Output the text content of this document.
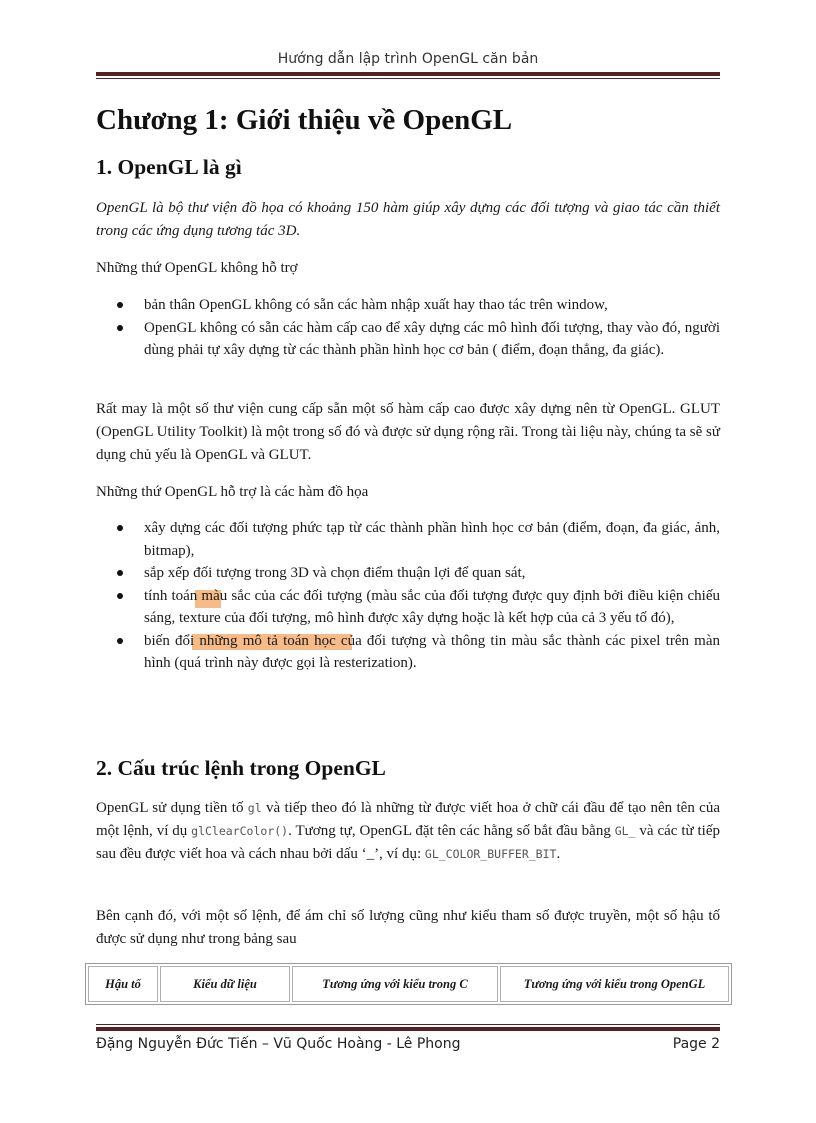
Hướng dẫn lập trình OpenGL căn bản
Chương 1: Giới thiệu về OpenGL
1. OpenGL là gì

OpenGL là bộ thư viện đồ họa có khoảng 150 hàm giúp xây dựng các đối tượng và giao tác cần thiết trong các ứng dụng tương tác 3D.

Những thứ OpenGL không hỗ trợ

bản thân OpenGL không có sẵn các hàm nhập xuất hay thao tác trên window,
OpenGL không có sẵn các hàm cấp cao để xây dựng các mô hình đối tượng, thay vào đó, người dùng phải tự xây dựng từ các thành phần hình học cơ bản ( điểm, đoạn thẳng, đa giác).

Rất may là một số thư viện cung cấp sẵn một số hàm cấp cao được xây dựng nên từ OpenGL. GLUT (OpenGL Utility Toolkit) là một trong số đó và được sử dụng rộng rãi. Trong tài liệu này, chúng ta sẽ sử dụng chủ yếu là OpenGL và GLUT.

Những thứ OpenGL hỗ trợ là các hàm đồ họa

xây dựng các đối tượng phức tạp từ các thành phần hình học cơ bản (điểm, đoạn, đa giác, ảnh, bitmap),
sắp xếp đối tượng trong 3D và chọn điểm thuận lợi để quan sát,
tính toán màu sắc của các đối tượng (màu sắc của đối tượng được quy định bởi điều kiện chiếu sáng, texture của đối tượng, mô hình được xây dựng hoặc là kết hợp của cả 3 yếu tố đó),
biến đổi những mô tả toán học của đối tượng và thông tin màu sắc thành các pixel trên màn hình (quá trình này được gọi là resterization).
2. Cấu trúc lệnh trong OpenGL

OpenGL sử dụng tiền tố gl và tiếp theo đó là những từ được viết hoa ở chữ cái đầu để tạo nên tên của một lệnh, ví dụ glClearColor(). Tương tự, OpenGL đặt tên các hằng số bắt đầu bằng GL_ và các từ tiếp sau đều được viết hoa và cách nhau bởi dấu ‘_’, ví dụ: GL_COLOR_BUFFER_BIT.

Bên cạnh đó, với một số lệnh, để ám chỉ số lượng cũng như kiểu tham số được truyền, một số hậu tố được sử dụng như trong bảng sau

Hậu tố	Kiểu dữ liệu	Tương ứng với kiểu trong C	Tương ứng với kiểu trong OpenGL
Đặng Nguyễn Đức Tiến – Vũ Quốc Hoàng - Lê Phong	Page 2
